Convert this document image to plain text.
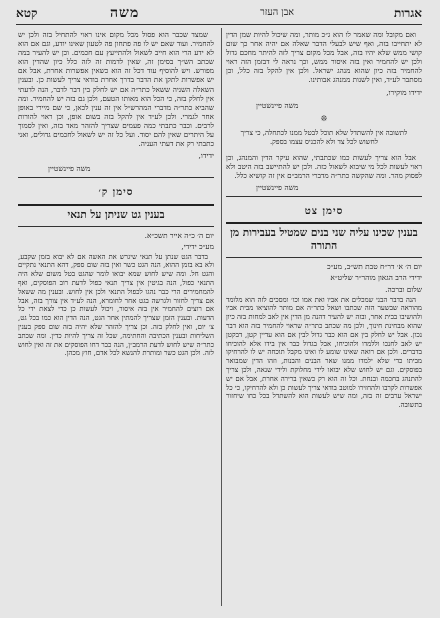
אגרות
אבן העזר
משה
קטא

ואם מקובל ומה שאמר לו הוא ג״כ מותר, ומה שיכול להיות שמן הדין לא יתחייבו בזה, ואף שיש לבעלי הדבר שאלה אם יהיה אחר כך שום קושי ממש שלא יהיו בזה, אבל מכל מקום צריך לזה להיתר מחכם גדול ולכן יש להחמיר ואין בזה איסור ממש, וכך נראה לי דבזמן הזה ראוי להחמיר בזה כיון שהוא מנהג ישראל. ולכן אין להקל בזה כלל, וכן מסתבר לע״ד, ואין לשנות ממנהג אבותינו.

ידידו מוקירו,
משה פיינשטיין
❊
לתשובה אין להשתדל שלא תוכל לבטל ממנו לכתחלה, כי צריך לחשוש לכל צד ולא להכניס עצמו בספק.

אבל הוא צריך לעשות כמו שכתבתי, שהוא עיקר הדין והמנהג, וכן ראוי לעשות לכל מי שיבוא לשאול כזה. ולכן יש להתיישב בזה היטב ולא לפסוק מהר. ומה שהקשה כתר״ה מדברי הרמב״ם אין זה קושיא כלל.

משה פיינשטיין
סימן צט
בענין שכינו עליה שני בנים שמטיל בעבירות מן התורה
יום ה׳ א׳ דר״ח טבת תש״ב, מע״כ
ידידי הרב הגאון מוהר״ר שליט״א
שלום וברכה.

הנה בדבר הבני שמכלים את אביו ואת אמו וכו׳ ומסכים לזה הוא מלומד מהוראה שבשער הזה שכתבו ושאל כתר״ה אם מותר להוציאו מבית אביו ולהושיבו בבית אחר, ובזה יש להעיר דהנה מן הדין אין לאב למחות בזה כיון שהוא מבחינת חינוך, ולכן מה שכתב כתר״ה שראוי להחמיר בזה הוא דבר נכון. אבל יש לחלק בין אם הוא כבר גדול לבין אם הוא עדיין קטן, דבקטן יש לאב לחנכו וללמדו ולהוכיחו, אבל בגדול כבר אין בידו אלא להוכיחו בדברים. ולכן אם רואה שאינו שומע לו ואינו מקבל תוכחה יש לו להרחיקו מביתו כדי שלא ילמדו ממנו שאר הבנים והבנות, וזהו הדין שמבואר בפוסקים. וגם יש לחוש שלא יבואו לידי מחלוקת ולידי שנאה, ולכן צריך להתנהג בחכמה ובנחת. וכל זה הוא רק כשאין ברירה אחרת, אבל אם יש אפשרות לקרבו ולהחזירו למוטב בודאי צריך לעשות כן ולא להרחיקו, כי כל ישראל ערבים זה בזה, ומה שיש לעשות הוא להשתדל בכל כחו שיחזור בתשובה.

שמצד שכבר הוא פסול מכל מקום אינו ראוי להתחיל בזה ולכן יש להחמיר. ועוד שאם יש לו פה פתחון פה לטעון שאינו יודע, וגם אם הוא לא ידע הרי הוא חייב לשאול ולהתייעץ עם חכמים. וכן יש להעיר במה שכתב הש״ך בסימן זה, שאין לדמות זה לזה כלל כיון שהדין הוא מפורש. ויש להוסיף עוד דכל זה הוא כשאין אפשרות אחרת, אבל אם יש אפשרות לתקן את הדבר בדרך אחרת בודאי צריך לעשות כן. ובענין השאלה השניה ששאל כתר״ה אם יש לחלק בין דבר לדבר, הנה לדעתי אין לחלק בזה, כי הכל הוא מאותו הטעם, ולכן גם בזה יש להחמיר. ומה שהביא כתר״ה מדברי המהרש״ל אין זה ענין לכאן, כי שם מיירי באופן אחר לגמרי. ולכן לע״ד אין להקל בזה בשום אופן, וכן ראוי להורות לרבים. וכבר כתבתי כמה פעמים שצריך להזהר מאד בזה, ואין לסמוך על היתרים שאין להם יסוד. ועל כל זה יש לשאול לחכמים גדולים, ואני כתבתי רק את דעתי העניה.

ידידו,
משה פיינשטיין
סימן ק׳
בענין גט שניתן על תנאי
יום ה׳ כ״ה אייר תשכ״א.
מע״כ ידידי,

בדבר הגט שנתן על תנאי שיגרש את האשה אם לא יבוא בזמן שקבע, ולא בא בזמן ההוא, הנה הגט כשר ואין בזה שום ספק, דהא התנאי נתקיים והגט חל. ומה שיש לחוש שמא יבואו לומר שהגט בטל משום שלא היה התנאי כפול, הנה בגיטין אין צריך תנאי כפול לדעת רוב הפוסקים, ואף להמחמירים הרי כבר נהגו לכפול התנאי ולכן אין לחוש. ובענין מה ששאל אם צריך לחזור ולגרשה בגט אחר לחומרא, הנה לע״ד אין צורך בזה, אבל אם רוצים להחמיר אין בזה איסור, ויכול לעשות כן כדי לצאת ידי כל הדעות. ובענין הזמן שצריך להמתין אחר הגט, הנה הדין הוא כמו בכל גט, צ׳ יום, ואין לחלק בזה. וכן צריך להזהר שלא יהיה בזה שום ספק בענין השליחות ובענין הכתיבה והחתימה, שכל זה צריך להיות כדין. ומה שכתב כתר״ה שיש לחוש לדעת הרמב״ן, הנה כבר דחו הפוסקים את זה ואין לחוש לזה. ולכן הגט כשר ומותרת להנשא לכל אדם, חוץ מכהן.
